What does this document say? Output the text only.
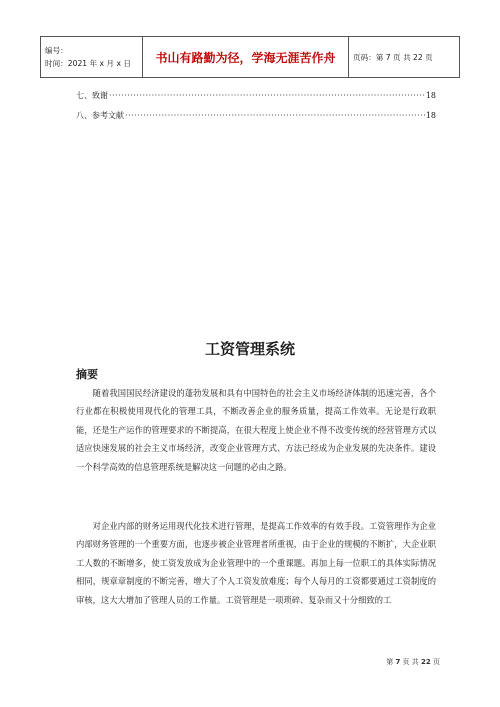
编号：
时间：2021 年 x 月 x 日	书山有路勤为径，学海无涯苦作舟 页码：第 7 页 共 22 页
七、致谢 ·····	18
八、参考文献 ·····	18
工资管理系统
摘要

随着我国国民经济建设的蓬勃发展和具有中国特色的社会主义市场经济体制的迅速完善，各个行业都在积极使用现代化的管理工具，不断改善企业的服务质量，提高工作效率。无论是行政职能，还是生产运作的管理要求的不断提高，在很大程度上使企业不得不改变传统的经营管理方式以适应快速发展的社会主义市场经济，改变企业管理方式、方法已经成为企业发展的先决条件。建设一个科学高效的信息管理系统是解决这一问题的必由之路。

对企业内部的财务运用现代化技术进行管理，是提高工作效率的有效手段。工资管理作为企业内部财务管理的一个重要方面，也逐步被企业管理者所重视，由于企业的规模的不断扩，大企业职工人数的不断增多，使工资发放成为企业管理中的一个重课题。再加上每一位职工的具体实际情况相同，规章章制度的不断完善，增大了个人工资发放难度；每个人每月的工资都要通过工资制度的审核，这大大增加了管理人员的工作量。工资管理是一项琐碎、复杂而又十分细致的工

第 7 页 共 22 页
